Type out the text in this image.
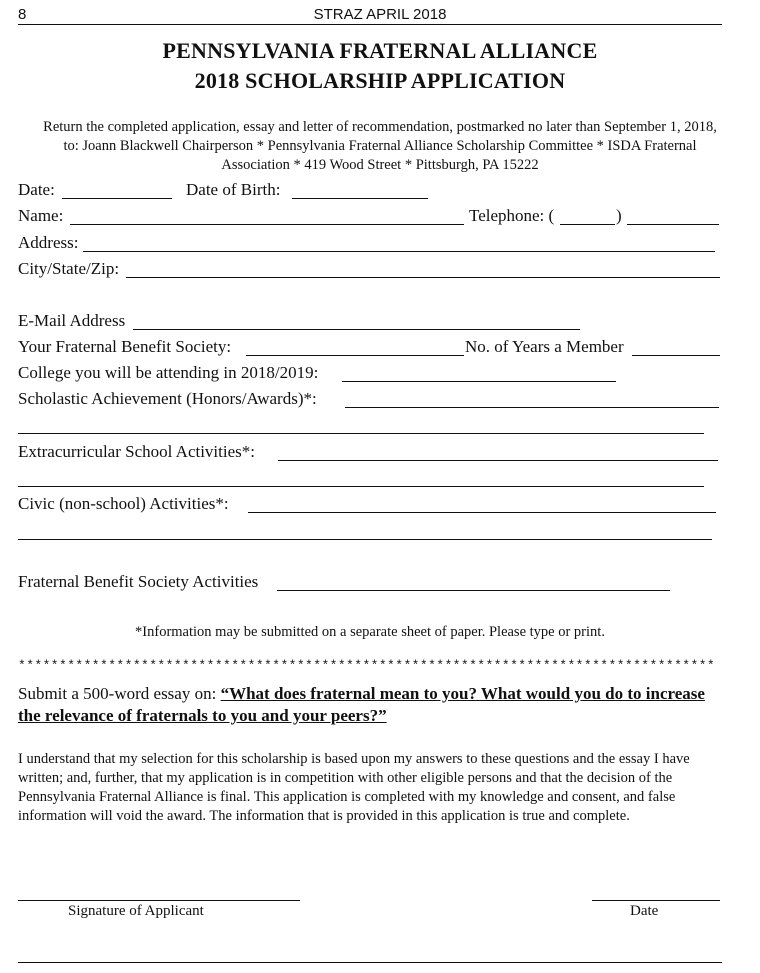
8	STRAZ APRIL 2018
PENNSYLVANIA FRATERNAL ALLIANCE
2018 SCHOLARSHIP APPLICATION
Return the completed application, essay and letter of recommendation, postmarked no later than September 1, 2018, to: Joann Blackwell Chairperson * Pennsylvania Fraternal Alliance Scholarship Committee * ISDA Fraternal Association * 419 Wood Street * Pittsburgh, PA 15222
Date:	Date of Birth:
Name:	Telephone: (	)
Address:
City/State/Zip:
E-Mail Address
Your Fraternal Benefit Society:	No. of Years a Member
College you will be attending in 2018/2019:
Scholastic Achievement (Honors/Awards)*:
Extracurricular School Activities*:
Civic (non-school) Activities*:
Fraternal Benefit Society Activities
*Information may be submitted on a separate sheet of paper. Please type or print.
*************************************************************************************
Submit a 500-word essay on: “What does fraternal mean to you? What would you do to increase the relevance of fraternals to you and your peers?”
I understand that my selection for this scholarship is based upon my answers to these questions and the essay I have written; and, further, that my application is in competition with other eligible persons and that the decision of the Pennsylvania Fraternal Alliance is final. This application is completed with my knowledge and consent, and false information will void the award. The information that is provided in this application is true and complete.
Signature of Applicant	Date
